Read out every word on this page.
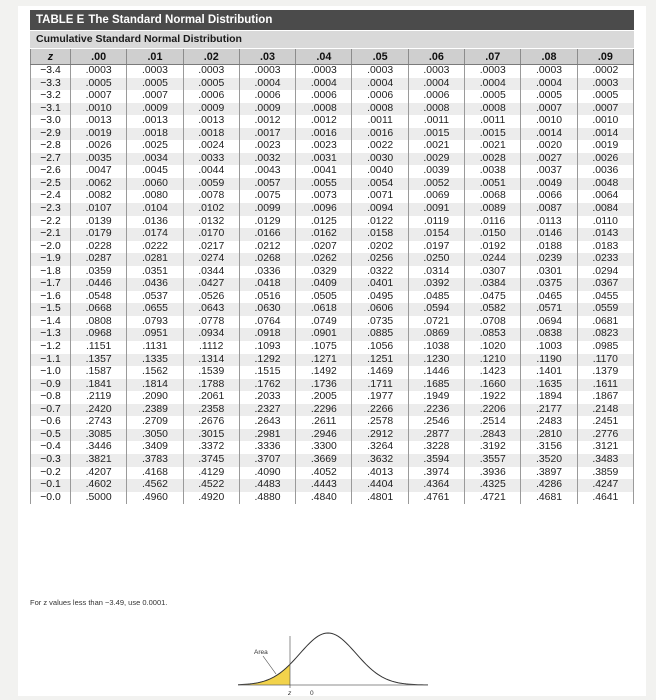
TABLE E The Standard Normal Distribution
Cumulative Standard Normal Distribution
z	.00	.01	.02	.03	.04	.05	.06	.07	.08	.09
−3.4	.0003	.0003	.0003	.0003	.0003	.0003	.0003	.0003	.0003	.0002
−3.3	.0005	.0005	.0005	.0004	.0004	.0004	.0004	.0004	.0004	.0003
−3.2	.0007	.0007	.0006	.0006	.0006	.0006	.0006	.0005	.0005	.0005
−3.1	.0010	.0009	.0009	.0009	.0008	.0008	.0008	.0008	.0007	.0007
−3.0	.0013	.0013	.0013	.0012	.0012	.0011	.0011	.0011	.0010	.0010
−2.9	.0019	.0018	.0018	.0017	.0016	.0016	.0015	.0015	.0014	.0014
−2.8	.0026	.0025	.0024	.0023	.0023	.0022	.0021	.0021	.0020	.0019
−2.7	.0035	.0034	.0033	.0032	.0031	.0030	.0029	.0028	.0027	.0026
−2.6	.0047	.0045	.0044	.0043	.0041	.0040	.0039	.0038	.0037	.0036
−2.5	.0062	.0060	.0059	.0057	.0055	.0054	.0052	.0051	.0049	.0048
−2.4	.0082	.0080	.0078	.0075	.0073	.0071	.0069	.0068	.0066	.0064
−2.3	.0107	.0104	.0102	.0099	.0096	.0094	.0091	.0089	.0087	.0084
−2.2	.0139	.0136	.0132	.0129	.0125	.0122	.0119	.0116	.0113	.0110
−2.1	.0179	.0174	.0170	.0166	.0162	.0158	.0154	.0150	.0146	.0143
−2.0	.0228	.0222	.0217	.0212	.0207	.0202	.0197	.0192	.0188	.0183
−1.9	.0287	.0281	.0274	.0268	.0262	.0256	.0250	.0244	.0239	.0233
−1.8	.0359	.0351	.0344	.0336	.0329	.0322	.0314	.0307	.0301	.0294
−1.7	.0446	.0436	.0427	.0418	.0409	.0401	.0392	.0384	.0375	.0367
−1.6	.0548	.0537	.0526	.0516	.0505	.0495	.0485	.0475	.0465	.0455
−1.5	.0668	.0655	.0643	.0630	.0618	.0606	.0594	.0582	.0571	.0559
−1.4	.0808	.0793	.0778	.0764	.0749	.0735	.0721	.0708	.0694	.0681
−1.3	.0968	.0951	.0934	.0918	.0901	.0885	.0869	.0853	.0838	.0823
−1.2	.1151	.1131	.1112	.1093	.1075	.1056	.1038	.1020	.1003	.0985
−1.1	.1357	.1335	.1314	.1292	.1271	.1251	.1230	.1210	.1190	.1170
−1.0	.1587	.1562	.1539	.1515	.1492	.1469	.1446	.1423	.1401	.1379
−0.9	.1841	.1814	.1788	.1762	.1736	.1711	.1685	.1660	.1635	.1611
−0.8	.2119	.2090	.2061	.2033	.2005	.1977	.1949	.1922	.1894	.1867
−0.7	.2420	.2389	.2358	.2327	.2296	.2266	.2236	.2206	.2177	.2148
−0.6	.2743	.2709	.2676	.2643	.2611	.2578	.2546	.2514	.2483	.2451
−0.5	.3085	.3050	.3015	.2981	.2946	.2912	.2877	.2843	.2810	.2776
−0.4	.3446	.3409	.3372	.3336	.3300	.3264	.3228	.3192	.3156	.3121
−0.3	.3821	.3783	.3745	.3707	.3669	.3632	.3594	.3557	.3520	.3483
−0.2	.4207	.4168	.4129	.4090	.4052	.4013	.3974	.3936	.3897	.3859
−0.1	.4602	.4562	.4522	.4483	.4443	.4404	.4364	.4325	.4286	.4247
−0.0	.5000	.4960	.4920	.4880	.4840	.4801	.4761	.4721	.4681	.4641
For z values less than −3.49, use 0.0001.
Area
z	0
